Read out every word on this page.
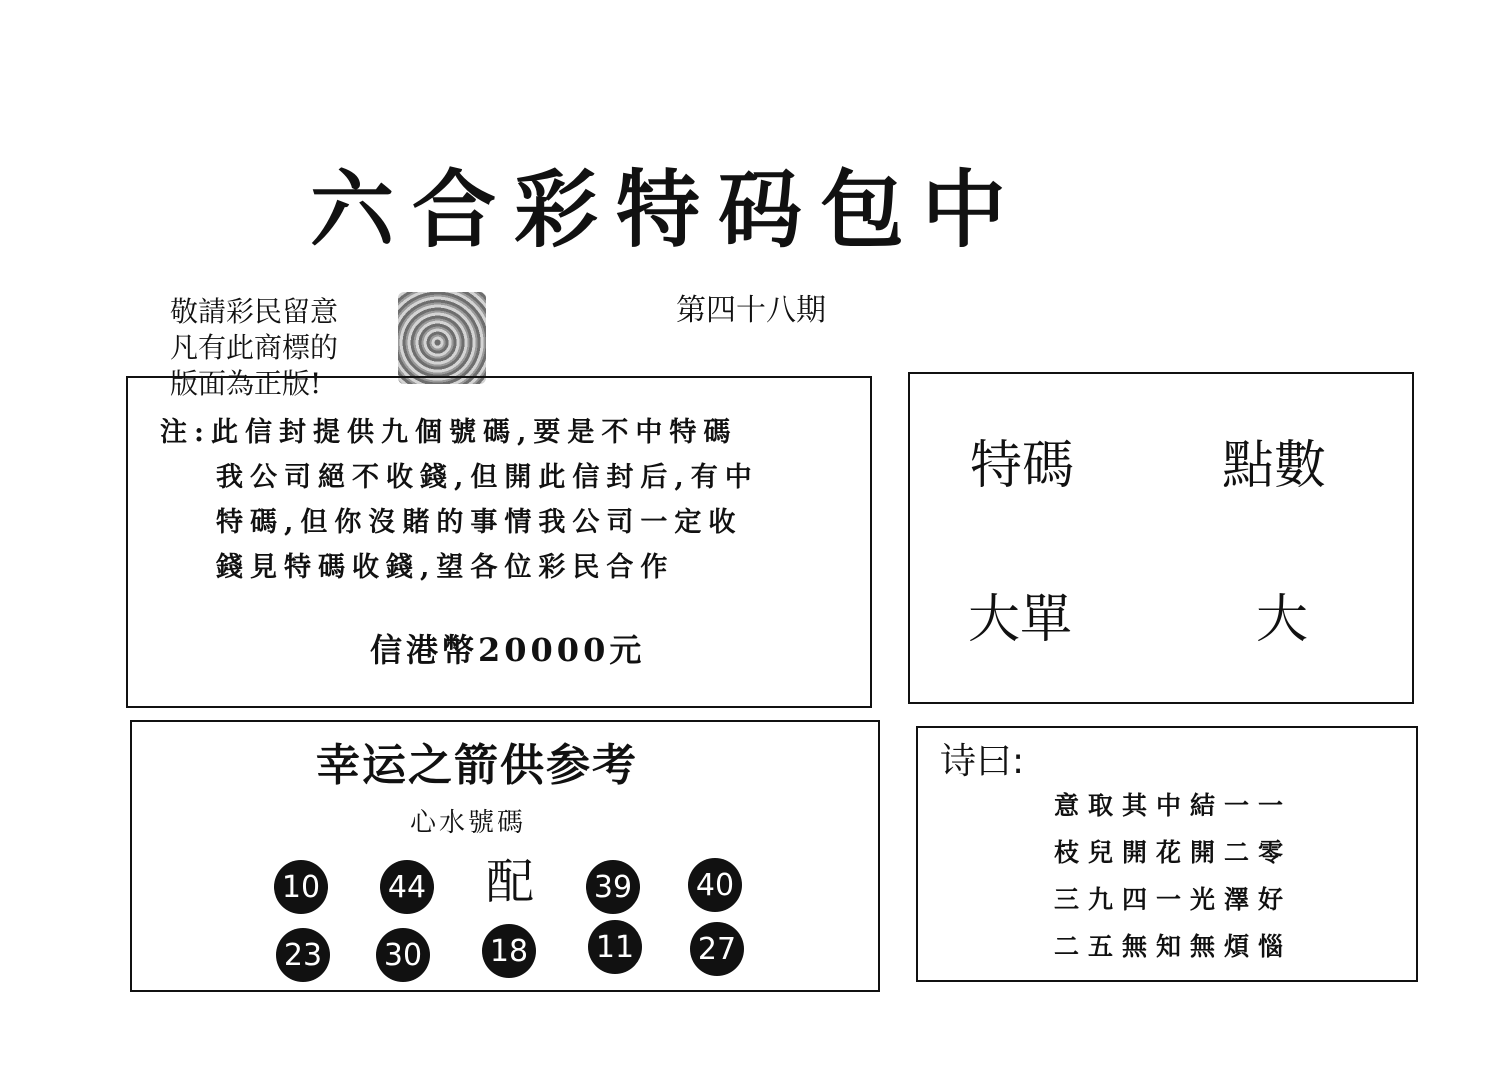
六合彩特码包中
敬請彩民留意
凡有此商標的
版面為正版!
第四十八期
注:此信封提供九個號碼,要是不中特碼
我公司絕不收錢,但開此信封后,有中
特碼,但你沒賭的事情我公司一定收
錢見特碼收錢,望各位彩民合作
信港幣20000元
特碼	點數
大單	大
幸运之箭供参考
心水號碼
10 44 配 39 40
23 30 18 11 27
诗曰:
意取其中結一一
枝兒開花開二零
三九四一光澤好
二五無知無煩惱
